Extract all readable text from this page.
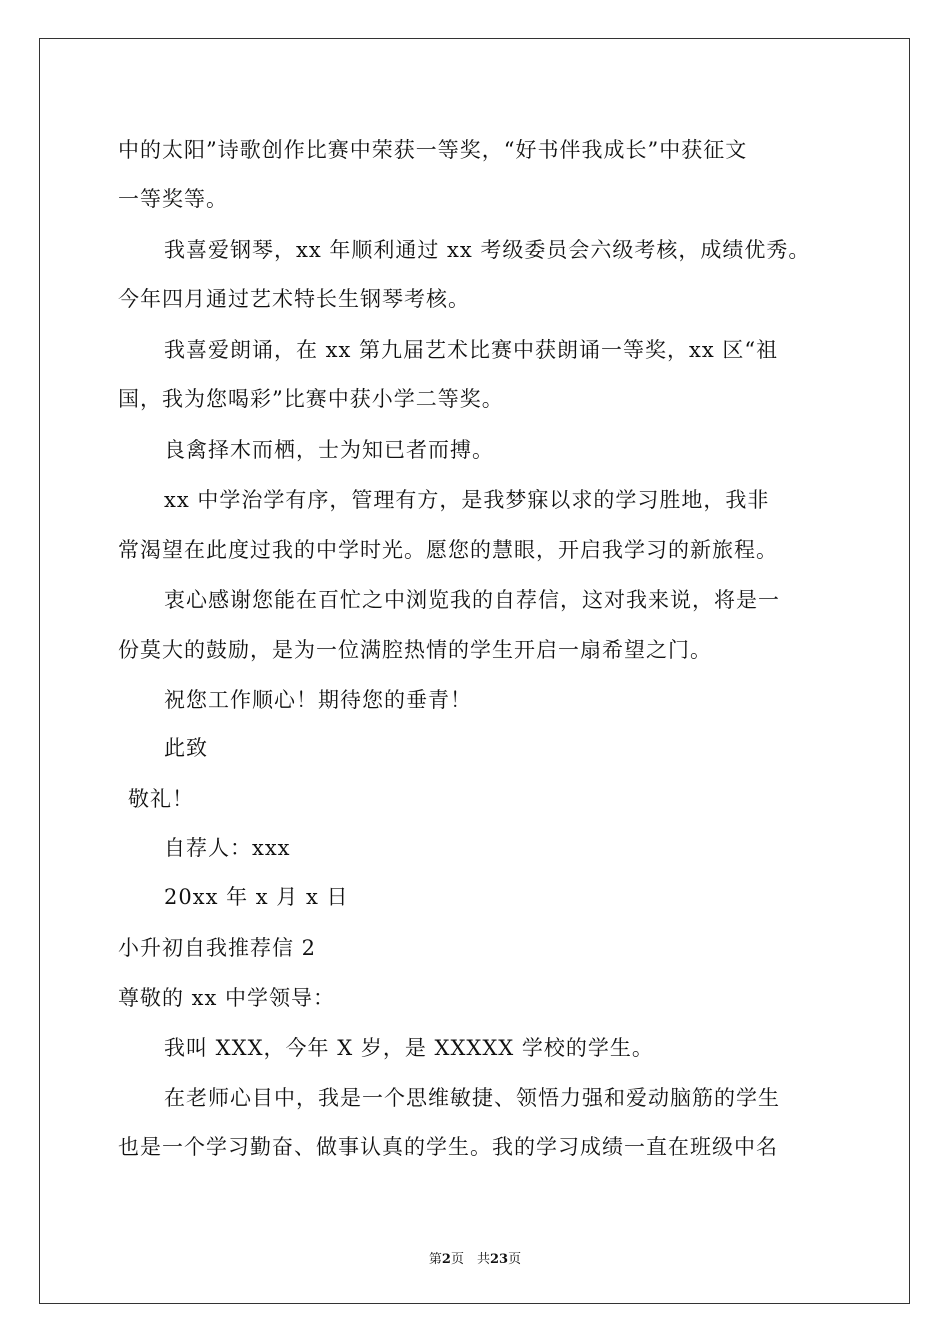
中的太阳”诗歌创作比赛中荣获一等奖，“好书伴我成长”中获征文
一等奖等。
我喜爱钢琴，xx 年顺利通过 xx 考级委员会六级考核，成绩优秀。
今年四月通过艺术特长生钢琴考核。
我喜爱朗诵，在 xx 第九届艺术比赛中获朗诵一等奖，xx 区“祖
国，我为您喝彩”比赛中获小学二等奖。
良禽择木而栖，士为知已者而搏。
xx 中学治学有序，管理有方，是我梦寐以求的学习胜地，我非
常渴望在此度过我的中学时光。愿您的慧眼，开启我学习的新旅程。
衷心感谢您能在百忙之中浏览我的自荐信，这对我来说，将是一
份莫大的鼓励，是为一位满腔热情的学生开启一扇希望之门。
祝您工作顺心！期待您的垂青！
此致
敬礼！
自荐人：xxx
20xx 年 x 月 x 日
小升初自我推荐信 2
尊敬的 xx 中学领导：
我叫 XXX，今年 X 岁，是 XXXXX 学校的学生。
在老师心目中，我是一个思维敏捷、领悟力强和爱动脑筋的学生
也是一个学习勤奋、做事认真的学生。我的学习成绩一直在班级中名
第2页　共23页
